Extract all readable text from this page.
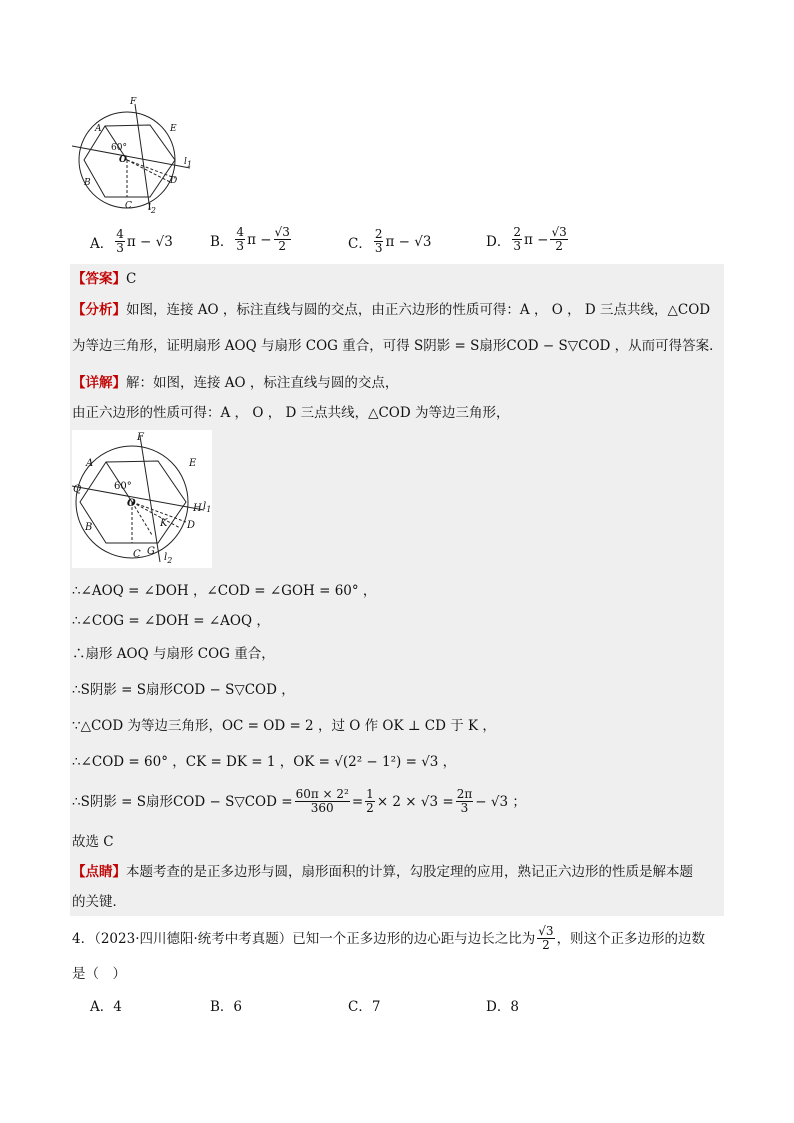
F
A	E
60°
O	l1
B	D
C l2
A． $\frac{4}{3}$ π − √3	B． $\frac{4}{3}$ $\pi - \frac{√3}{2}$	C． $\frac{2}{3}$ π − √3	D． $\frac{2}{3}$ $\pi - \frac{√3}{2}$
【答案】C
【分析】如图，连接 AO ，标注直线与圆的交点，由正六边形的性质可得：A ， O ， D 三点共线，△COD
为等边三角形，证明扇形 AOQ 与扇形 COG 重合，可得 S阴影 = S扇形COD − S▽COD ，从而可得答案．
【详解】解：如图，连接 AO ，标注直线与圆的交点，
由正六边形的性质可得：A ， O ， D 三点共线，△COD 为等边三角形，
F
A	E
Q	60°
O	H $l_1$
B	K D
C G
$l_2$
∴∠AOQ = ∠DOH ，∠COD = ∠GOH = 60° ，
∴∠COG = ∠DOH = ∠AOQ ，
∴扇形 AOQ 与扇形 COG 重合，
∴S阴影 = S扇形COD − S▽COD ，
∵△COD 为等边三角形，OC = OD = 2 ，过 O 作 OK ⊥ CD 于 K ，
∴∠COD = 60° ，CK = DK = 1 ，OK = √(2² − 1²) = √3 ，
∴S阴影 = S扇形COD − S▽COD = $\frac{\text{60π × 2²}}{360} = \frac{1}{2} \times 2 \times √3 = \frac{2\pi}{3} - √3$ ；
故选 C
【点睛】本题考查的是正多边形与圆，扇形面积的计算，勾股定理的应用，熟记正六边形的性质是解本题
的关键．
4．（2023·四川德阳·统考中考真题）已知一个正多边形的边心距与边长之比为 $\frac{√3}{2}$ ，则这个正多边形的边数
是（　）
A．4	B．6	C．7	D．8
